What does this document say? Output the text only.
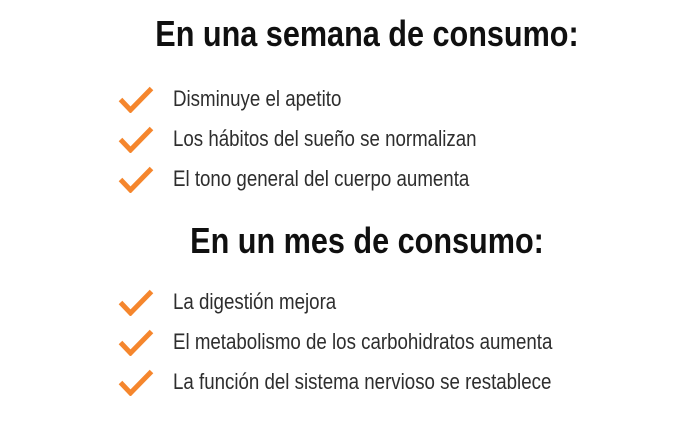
En una semana de consumo:
Disminuye el apetito
Los hábitos del sueño se normalizan
El tono general del cuerpo aumenta
En un mes de consumo:
La digestión mejora
El metabolismo de los carbohidratos aumenta
La función del sistema nervioso se restablece
